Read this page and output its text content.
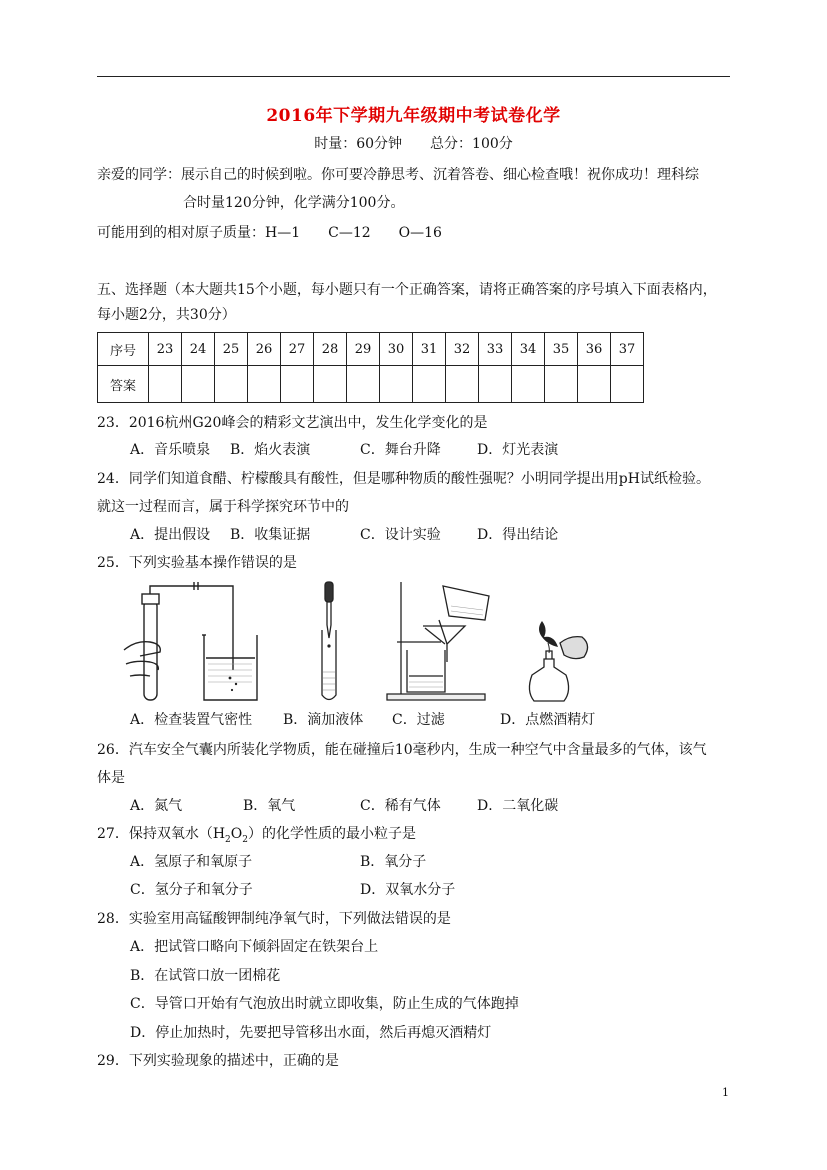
2016年下学期九年级期中考试卷化学
时量：60分钟　　总分：100分
亲爱的同学：展示自己的时候到啦。你可要冷静思考、沉着答卷、细心检查哦！祝你成功！理科综
合时量120分钟，化学满分100分。
可能用到的相对原子质量：H—1　　C—12　　O—16
五、选择题（本大题共15个小题，每小题只有一个正确答案，请将正确答案的序号填入下面表格内，
每小题2分，共30分）
序号	23	24	25	26	27	28	29	30	31	32	33	34	35	36	37
答案															
23．2016杭州G20峰会的精彩文艺演出中，发生化学变化的是
A．音乐喷泉 B．焰火表演	C．舞台升降	D．灯光表演
24．同学们知道食醋、柠檬酸具有酸性，但是哪种物质的酸性强呢？小明同学提出用pH试纸检验。
就这一过程而言，属于科学探究环节中的
A．提出假设 B．收集证据	C．设计实验	D．得出结论
25．下列实验基本操作错误的是
A．检查装置气密性 B．滴加液体 C．过滤	D．点燃酒精灯
26．汽车安全气囊内所装化学物质，能在碰撞后10毫秒内，生成一种空气中含量最多的气体，该气
体是
A．氮气	B．氧气	C．稀有气体	D．二氧化碳
27．保持双氧水$(H_2O_2)$的化学性质的最小粒子是
A．氢原子和氧原子	B．氧分子
C．氢分子和氧分子	D．双氧水分子
28．实验室用高锰酸钾制纯净氧气时，下列做法错误的是
A．把试管口略向下倾斜固定在铁架台上
B．在试管口放一团棉花
C．导管口开始有气泡放出时就立即收集，防止生成的气体跑掉
D．停止加热时，先要把导管移出水面，然后再熄灭酒精灯
29．下列实验现象的描述中，正确的是
1
